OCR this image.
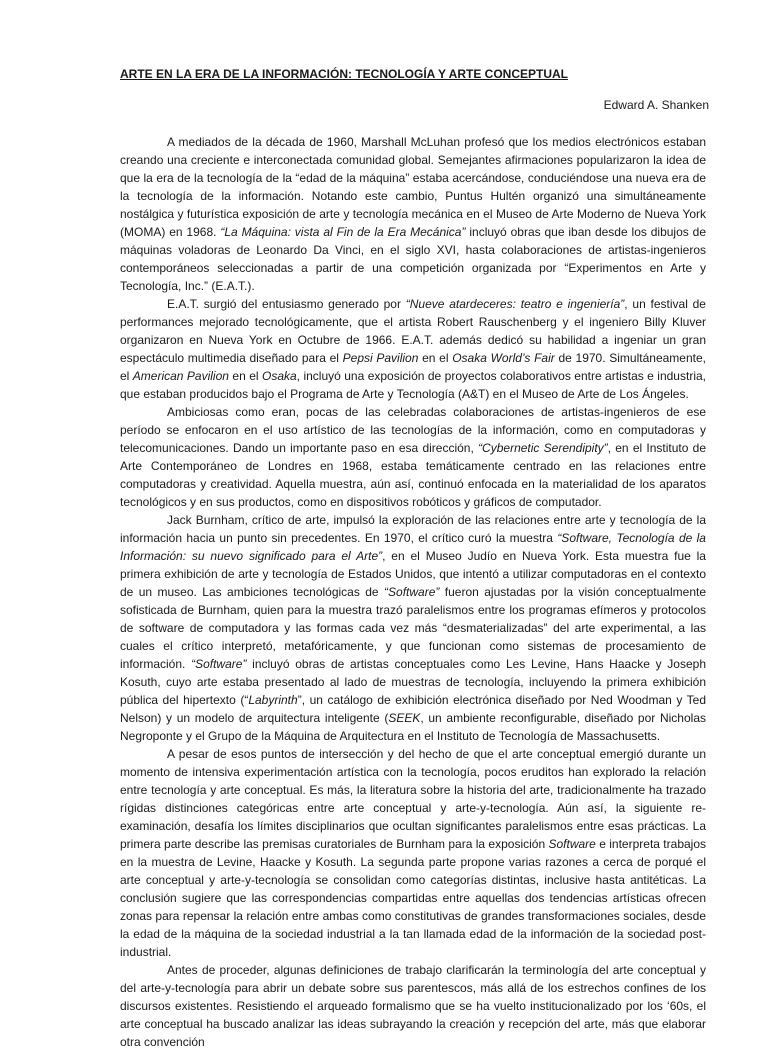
ARTE EN LA ERA DE LA INFORMACIÓN: TECNOLOGÍA Y ARTE CONCEPTUAL

Edward A. Shanken

A mediados de la década de 1960, Marshall McLuhan profesó que los medios electrónicos estaban creando una creciente e interconectada comunidad global. Semejantes afirmaciones popularizaron la idea de que la era de la tecnología de la “edad de la máquina” estaba acercándose, conduciéndose una nueva era de la tecnología de la información. Notando este cambio, Puntus Hultén organizó una simultáneamente nostálgica y futurística exposición de arte y tecnología mecánica en el Museo de Arte Moderno de Nueva York (MOMA) en 1968. “La Máquina: vista al Fin de la Era Mecánica” incluyó obras que iban desde los dibujos de máquinas voladoras de Leonardo Da Vinci, en el siglo XVI, hasta colaboraciones de artistas-ingenieros contemporáneos seleccionadas a partir de una competición organizada por “Experimentos en Arte y Tecnología, Inc.” (E.A.T.).

E.A.T. surgió del entusiasmo generado por “Nueve atardeceres: teatro e ingeniería”, un festival de performances mejorado tecnológicamente, que el artista Robert Rauschenberg y el ingeniero Billy Kluver organizaron en Nueva York en Octubre de 1966. E.A.T. además dedicó su habilidad a ingeniar un gran espectáculo multimedia diseñado para el Pepsi Pavilion en el Osaka World’s Fair de 1970. Simultáneamente, el American Pavilion en el Osaka, incluyó una exposición de proyectos colaborativos entre artistas e industria, que estaban producidos bajo el Programa de Arte y Tecnología (A&T) en el Museo de Arte de Los Ángeles.

Ambiciosas como eran, pocas de las celebradas colaboraciones de artistas-ingenieros de ese período se enfocaron en el uso artístico de las tecnologías de la información, como en computadoras y telecomunicaciones. Dando un importante paso en esa dirección, “Cybernetic Serendipity”, en el Instituto de Arte Contemporáneo de Londres en 1968, estaba temáticamente centrado en las relaciones entre computadoras y creatividad. Aquella muestra, aún así, continuó enfocada en la materialidad de los aparatos tecnológicos y en sus productos, como en dispositivos robóticos y gráficos de computador.

Jack Burnham, crítico de arte, impulsó la exploración de las relaciones entre arte y tecnología de la información hacia un punto sin precedentes. En 1970, el crítico curó la muestra “Software, Tecnología de la Información: su nuevo significado para el Arte”, en el Museo Judío en Nueva York. Esta muestra fue la primera exhibición de arte y tecnología de Estados Unidos, que intentó a utilizar computadoras en el contexto de un museo. Las ambiciones tecnológicas de “Software” fueron ajustadas por la visión conceptualmente sofisticada de Burnham, quien para la muestra trazó paralelismos entre los programas efímeros y protocolos de software de computadora y las formas cada vez más “desmaterializadas” del arte experimental, a las cuales el crítico interpretó, metafóricamente, y que funcionan como sistemas de procesamiento de información. “Software” incluyó obras de artistas conceptuales como Les Levine, Hans Haacke y Joseph Kosuth, cuyo arte estaba presentado al lado de muestras de tecnología, incluyendo la primera exhibición pública del hipertexto (“Labyrinth”, un catálogo de exhibición electrónica diseñado por Ned Woodman y Ted Nelson) y un modelo de arquitectura inteligente (SEEK, un ambiente reconfigurable, diseñado por Nicholas Negroponte y el Grupo de la Máquina de Arquitectura en el Instituto de Tecnología de Massachusetts.

A pesar de esos puntos de intersección y del hecho de que el arte conceptual emergió durante un momento de intensiva experimentación artística con la tecnología, pocos eruditos han explorado la relación entre tecnología y arte conceptual. Es más, la literatura sobre la historia del arte, tradicionalmente ha trazado rígidas distinciones categóricas entre arte conceptual y arte-y-tecnología. Aún así, la siguiente re-examinación, desafía los límites disciplinarios que ocultan significantes paralelismos entre esas prácticas. La primera parte describe las premisas curatoriales de Burnham para la exposición Software e interpreta trabajos en la muestra de Levine, Haacke y Kosuth. La segunda parte propone varias razones a cerca de porqué el arte conceptual y arte-y-tecnología se consolidan como categorías distintas, inclusive hasta antitéticas. La conclusión sugiere que las correspondencias compartidas entre aquellas dos tendencias artísticas ofrecen zonas para repensar la relación entre ambas como constitutivas de grandes transformaciones sociales, desde la edad de la máquina de la sociedad industrial a la tan llamada edad de la información de la sociedad post-industrial.

Antes de proceder, algunas definiciones de trabajo clarificarán la terminología del arte conceptual y del arte-y-tecnología para abrir un debate sobre sus parentescos, más allá de los estrechos confines de los discursos existentes. Resistiendo el arqueado formalismo que se ha vuelto institucionalizado por los ‘60s, el arte conceptual ha buscado analizar las ideas subrayando la creación y recepción del arte, más que elaborar otra convención
